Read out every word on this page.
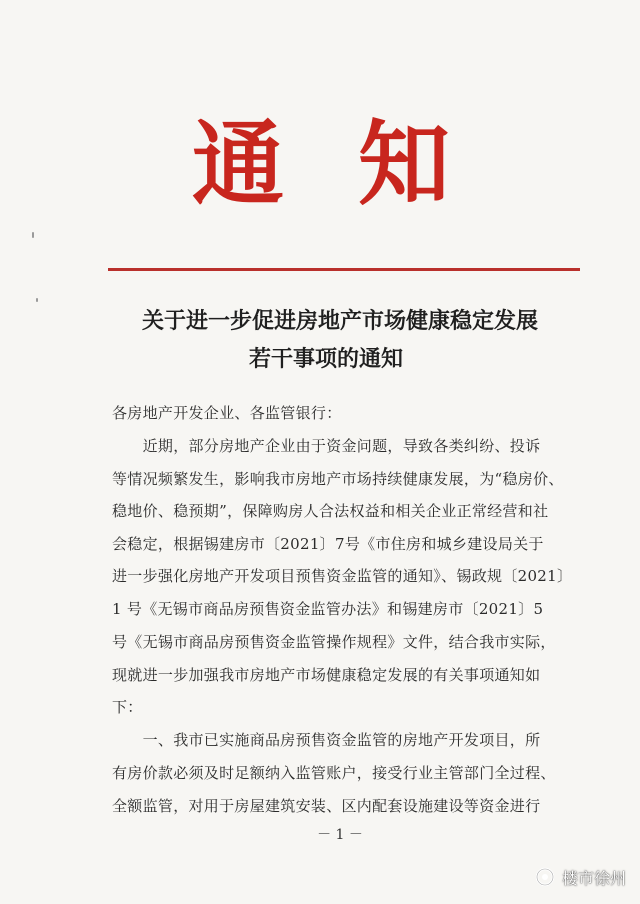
通 知
关于进一步促进房地产市场健康稳定发展
若干事项的通知
各房地产开发企业、各监管银行：
　　近期，部分房地产企业由于资金问题，导致各类纠纷、投诉
等情况频繁发生，影响我市房地产市场持续健康发展，为“稳房价、
稳地价、稳预期”，保障购房人合法权益和相关企业正常经营和社
会稳定，根据锡建房市〔2021〕7号《市住房和城乡建设局关于
进一步强化房地产开发项目预售资金监管的通知》、锡政规〔2021〕
1 号《无锡市商品房预售资金监管办法》和锡建房市〔2021〕5
号《无锡市商品房预售资金监管操作规程》文件，结合我市实际，
现就进一步加强我市房地产市场健康稳定发展的有关事项通知如
下：
　　一、我市已实施商品房预售资金监管的房地产开发项目，所
有房价款必须及时足额纳入监管账户，接受行业主管部门全过程、
全额监管，对用于房屋建筑安装、区内配套设施建设等资金进行
－ 1 －
楼市徐州
